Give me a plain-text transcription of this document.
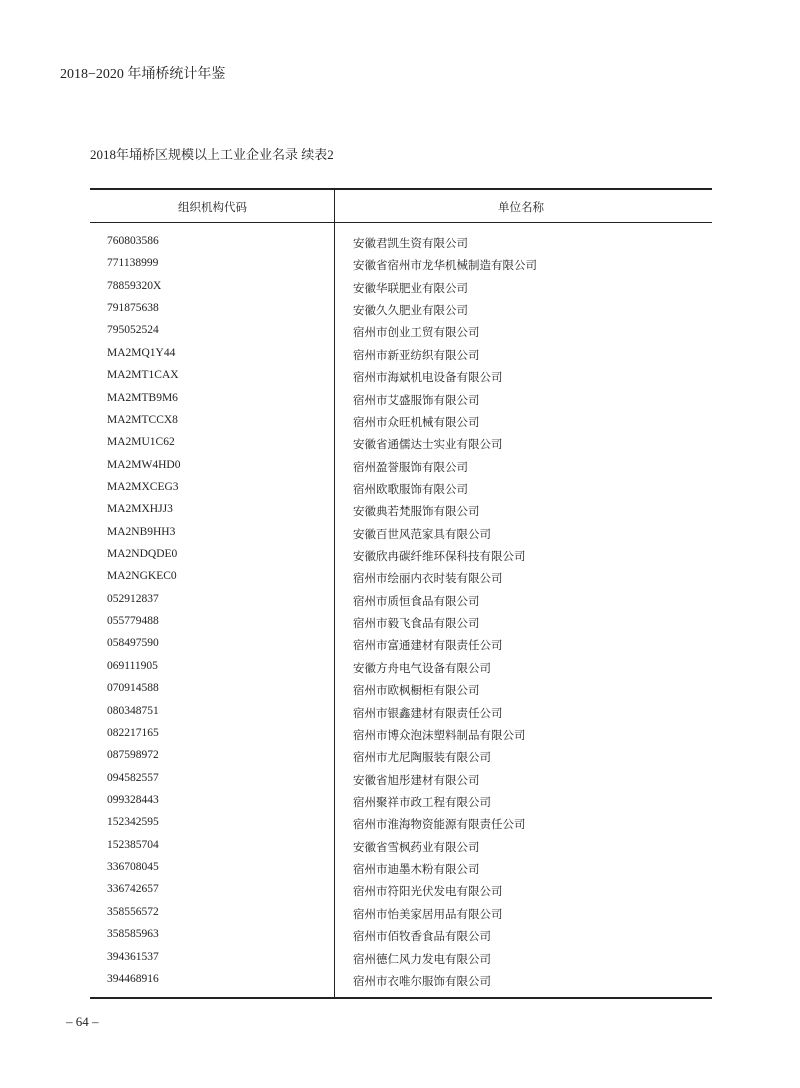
2018−2020 年埇桥统计年鉴
2018年埇桥区规模以上工业企业名录 续表2
组织机构代码	单位名称
760803586	安徽君凯生资有限公司
771138999	安徽省宿州市龙华机械制造有限公司
78859320X	安徽华联肥业有限公司
791875638	安徽久久肥业有限公司
795052524	宿州市创业工贸有限公司
MA2MQ1Y44	宿州市新亚纺织有限公司
MA2MT1CAX	宿州市海斌机电设备有限公司
MA2MTB9M6	宿州市艾盛服饰有限公司
MA2MTCCX8	宿州市众旺机械有限公司
MA2MU1C62	安徽省通儒达士实业有限公司
MA2MW4HD0	宿州盈誉服饰有限公司
MA2MXCEG3	宿州欧歌服饰有限公司
MA2MXHJJ3	安徽典若梵服饰有限公司
MA2NB9HH3	安徽百世风范家具有限公司
MA2NDQDE0	安徽欣冉碳纤维环保科技有限公司
MA2NGKEC0	宿州市绘丽内衣时装有限公司
052912837	宿州市质恒食品有限公司
055779488	宿州市毅飞食品有限公司
058497590	宿州市富通建材有限责任公司
069111905	安徽方舟电气设备有限公司
070914588	宿州市欧枫橱柜有限公司
080348751	宿州市银鑫建材有限责任公司
082217165	宿州市博众泡沫塑料制品有限公司
087598972	宿州市尤尼陶服装有限公司
094582557	安徽省旭彤建材有限公司
099328443	宿州聚祥市政工程有限公司
152342595	宿州市淮海物资能源有限责任公司
152385704	安徽省雪枫药业有限公司
336708045	宿州市迪墨木粉有限公司
336742657	宿州市符阳光伏发电有限公司
358556572	宿州市怡美家居用品有限公司
358585963	宿州市佰牧香食品有限公司
394361537	宿州德仁风力发电有限公司
394468916	宿州市衣唯尔服饰有限公司
– 64 –
